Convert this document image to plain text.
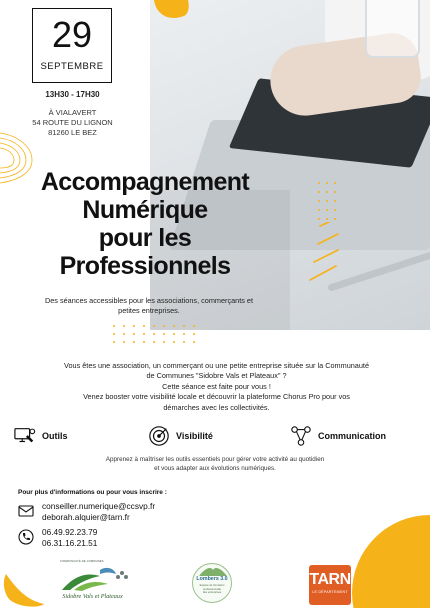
29
SEPTEMBRE
13H30 - 17H30
À VIALAVERT
54 ROUTE DU LIGNON
81260 LE BEZ
Accompagnement
Numérique
pour les
Professionnels
Des séances accessibles pour les associations, commerçants et
petites entreprises.

Vous êtes une association, un commerçant ou une petite entreprise située sur la Communauté

de Communes "Sidobre Vals et Plateaux" ?

Cette séance est faite pour vous !

Venez booster votre visibilité locale et découvrir la plateforme Chorus Pro pour vos

démarches avec les collectivités.

Outils	Visibilité	Communication
Apprenez à maîtriser les outils essentiels pour gérer votre activité au quotidien
et vous adapter aux évolutions numériques.
Pour plus d'informations ou pour vous inscrire :
conseiller.numerique@ccsvp.fr
deborah.alquier@tarn.fr
06.49.92.23.79
06.31.16.21.51
COMMUNAUTÉ DE COMMUNES
Sidobre Vals et Plateaux
Lombers 3.0
Espace de formation
professionnelle
des entreprises
TARN
LE DÉPARTEMENT
